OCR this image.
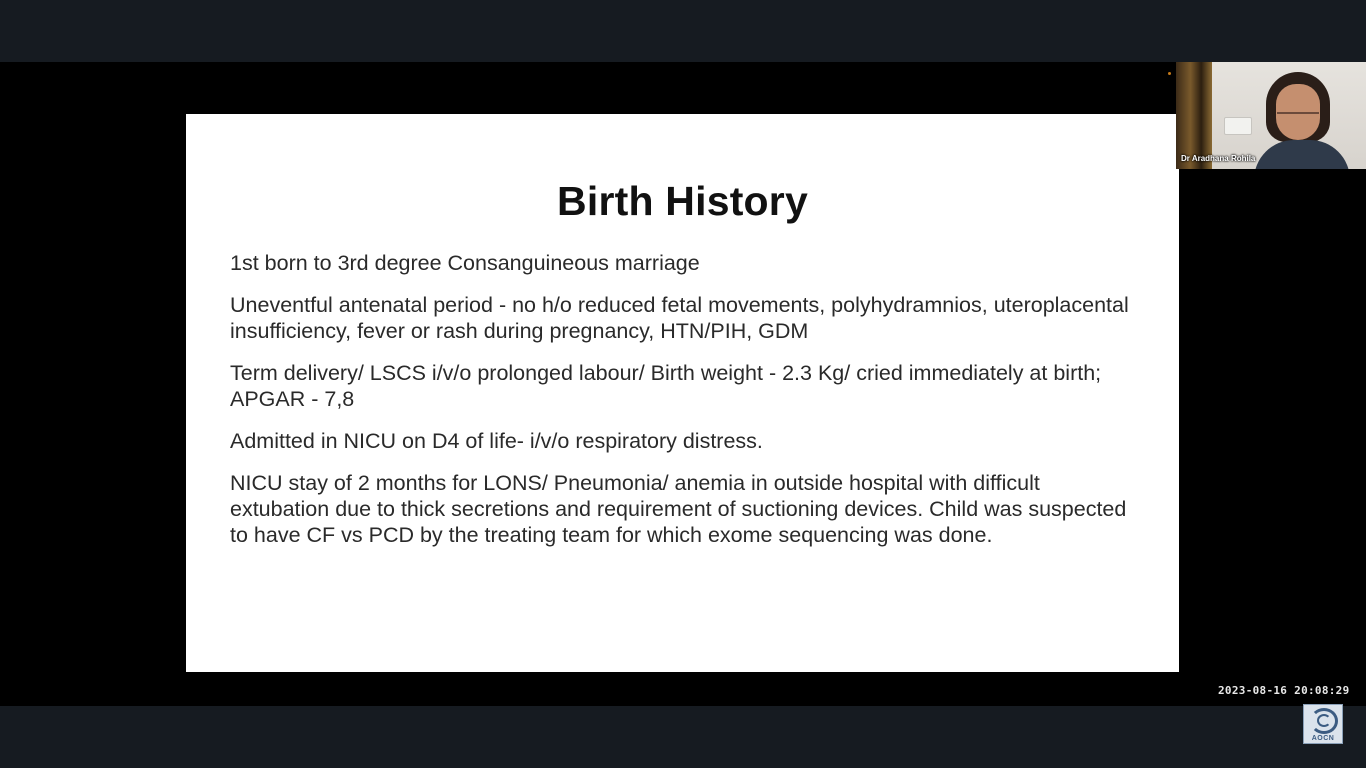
Birth History
1st born to 3rd degree Consanguineous marriage
Uneventful antenatal period - no h/o reduced fetal movements, polyhydramnios, uteroplacental insufficiency, fever or rash during pregnancy, HTN/PIH, GDM
Term delivery/ LSCS i/v/o prolonged labour/ Birth weight - 2.3 Kg/ cried immediately at birth; APGAR - 7,8
Admitted in NICU on D4 of life- i/v/o respiratory distress.
NICU stay of 2 months for LONS/ Pneumonia/ anemia in outside hospital with difficult extubation due to thick secretions and requirement of suctioning devices. Child was suspected to have CF vs PCD by the treating team for which exome sequencing was done.
Dr Aradhana Rohila
2023-08-16 20:08:29
AOCN
